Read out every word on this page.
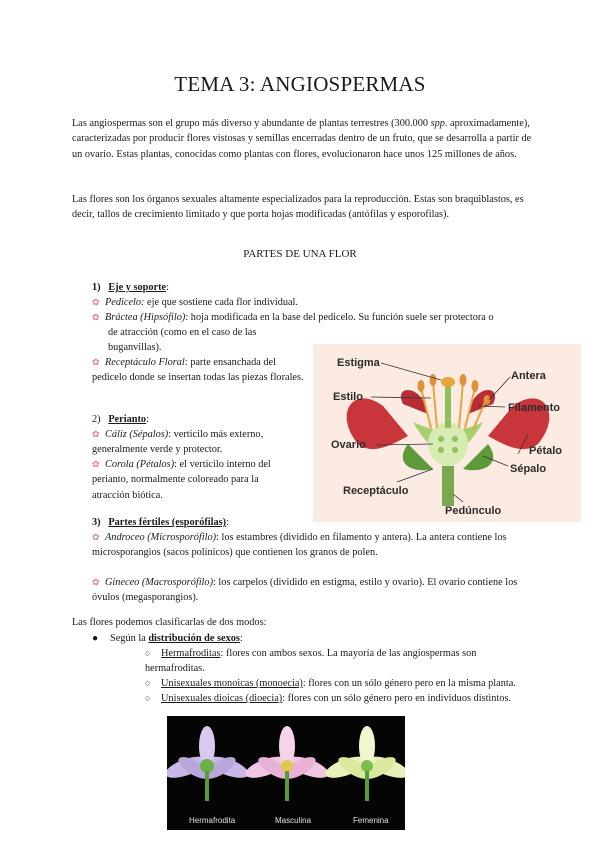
TEMA 3: ANGIOSPERMAS
Las angiospermas son el grupo más diverso y abundante de plantas terrestres (300.000 spp. aproximadamente), caracterizadas por producir flores vistosas y semillas encerradas dentro de un fruto, que se desarrolla a partir de un ovario. Estas plantas, conocidas como plantas con flores, evolucionaron hace unos 125 millones de años.
Las flores son los órganos sexuales altamente especializados para la reproducción. Estas son braquiblastos, es decir, tallos de crecimiento limitado y que porta hojas modificadas (antófilas y esporofilas).
PARTES DE UNA FLOR
1) Eje y soporte:
✿ Pedicelo: eje que sostiene cada flor individual.
✿ Bráctea (Hipsófilo): hoja modificada en la base del pedicelo. Su función suele ser protectora o
de atracción (como en el caso de las buganvillas).
✿ Receptáculo Floral: parte ensanchada del pedicelo donde se insertan todas las piezas florales.
2) Perianto:
✿ Cáliz (Sépalos): verticilo más externo, generalmente verde y protector.
✿ Corola (Pétalos): el verticilo interno del perianto, normalmente coloreado para la atracción biótica.
3) Partes fértiles (esporófilas):
✿ Androceo (Microsporófilo): los estambres (dividido en filamento y antera). La antera contiene los microsporangios (sacos polínicos) que contienen los granos de polen.
✿ Gineceo (Macrosporófilo): los carpelos (dividido en estigma, estilo y ovario). El ovario contiene los óvulos (megasporangios).
Estigma
Estilo
Antera
Filamento
Ovario	Pétalo
Sépalo
Receptáculo
Pedúnculo
Las flores podemos clasificarlas de dos modos:
● Según la distribución de sexos:
○ Hermafroditas: flores con ambos sexos. La mayoría de las angiospermas son hermafroditas.
○ Unisexuales monoicas (monoecia): flores con un sólo género pero en la misma planta.
○ Unisexuales dioicas (dioecia): flores con un sólo género pero en individuos distintos.
Hermafrodita	Masculina	Femenina
